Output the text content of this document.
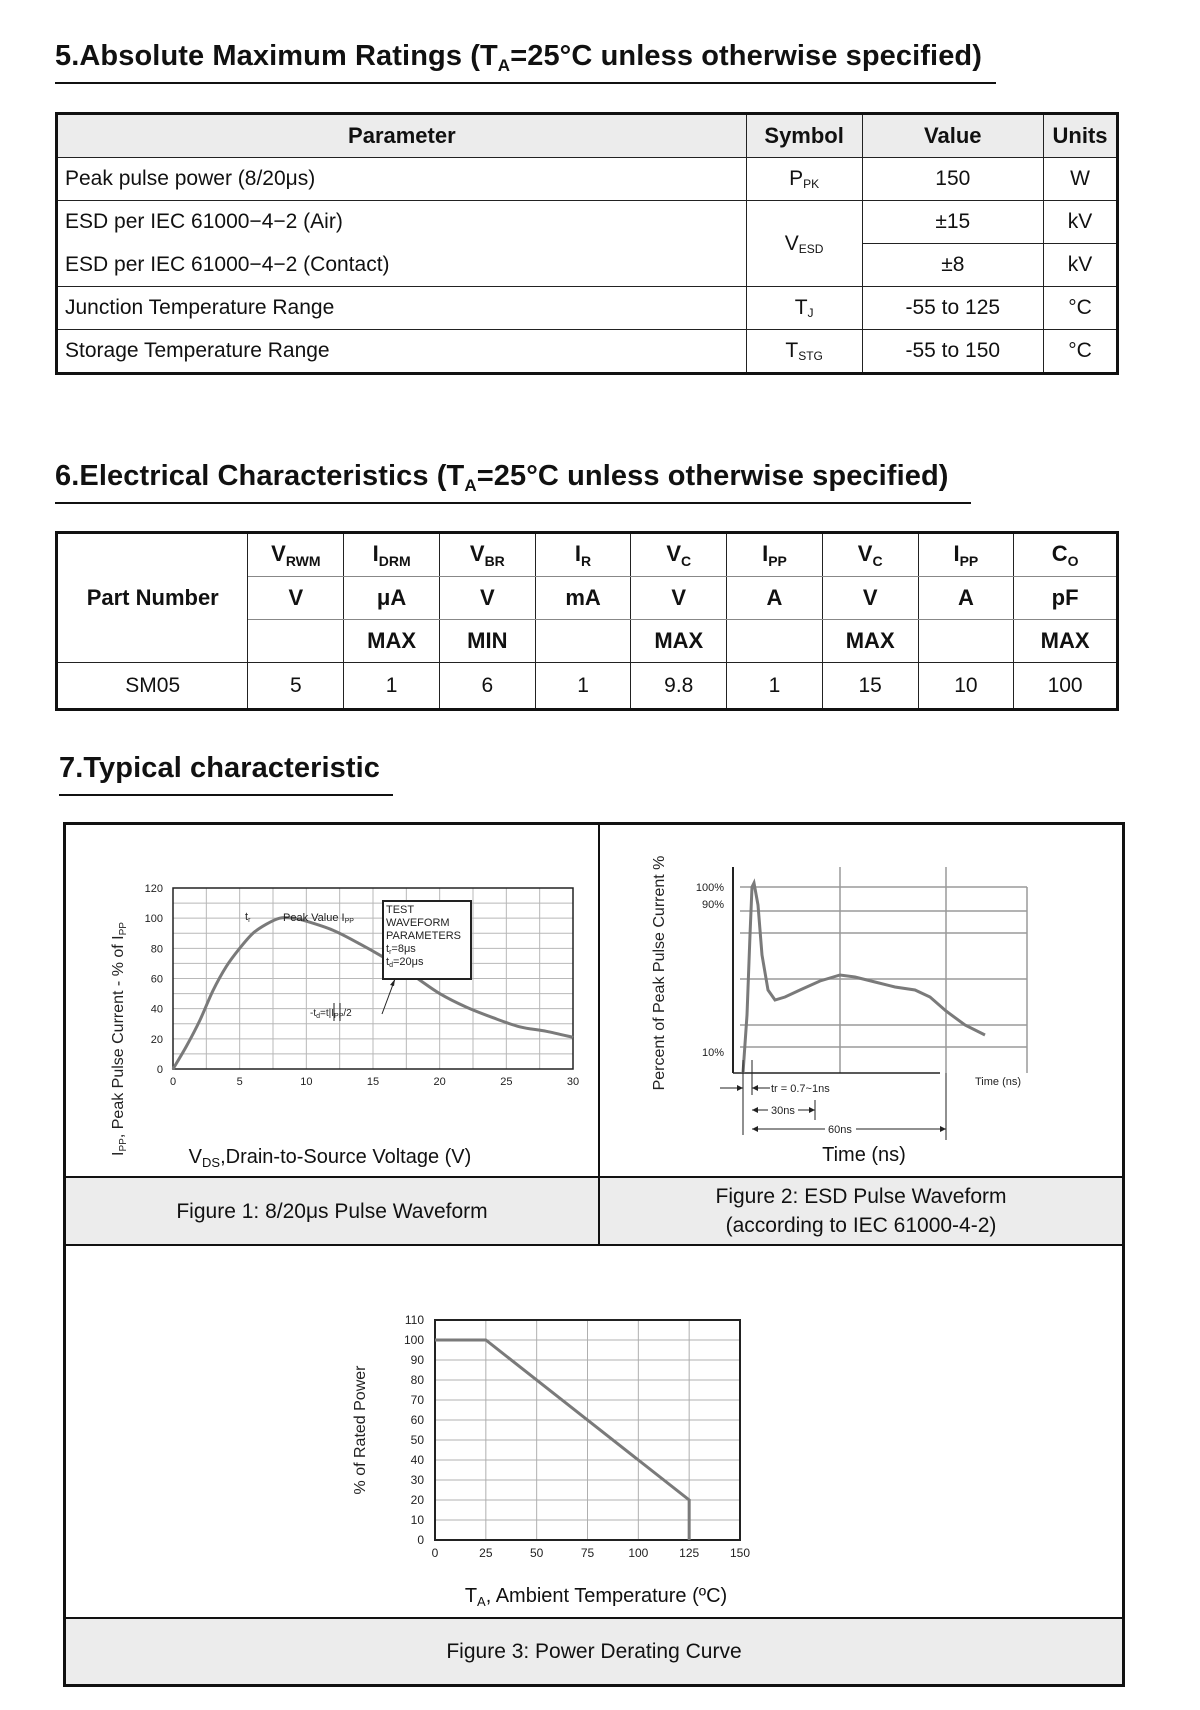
5.Absolute Maximum Ratings ($T_A=25^\circ C$ unless otherwise specified)
Parameter	Symbol	Value	Units
Peak pulse power (8/20μs)	$P_{PK}$	150	W
ESD per IEC 61000−4−2 (Air)	$V_{ESD}$	±15	kV
ESD per IEC 61000−4−2 (Contact)		±8	kV
Junction Temperature Range	$T_J$	-55 to 125	°C
Storage Temperature Range	$T_{STG}$	-55 to 150	°C
6.Electrical Characteristics ($T_A=25^\circ C$ unless otherwise specified)
Part Number	$V_{RWM}$	$I_{DRM}$	$V_{BR}$	$I_R$	$V_C$	$I_{PP}$	$V_C$	$I_{PP}$	$C_O$
	V	μA	V	mA	V	A	V	A	pF
		MAX	MIN		MAX		MAX		MAX
SM05	5	1	6	1	9.8	1	15	10	100
7.Typical characteristic
Figure 1: 8/20μs Pulse Waveform
Figure 2: ESD Pulse Waveform
(according to IEC 61000-4-2)
Figure 3: Power Derating Curve
0	5	10	15	20	25	30
0
20
40
60
80
100
120
IPP, Peak Pulse Current - % of IPP
$V_{DS},Drain-to$-Source Voltage (V)
tr	Peak Value IPP
TEST
WAVEFORM
PARAMETERS
tr=8μs
td=20μs
$-t_d=t|I_{PP}/2$	Percent of Peak Pulse Current %	100%
90%
10%
Time (ns)
tr = 0.7~1ns
30ns
60ns
Time (ns)
0	25	50	75	100	125	150
0
10
20
30
40
50
60
70
80
90
100
110
% of Rated Power
$T_A$, Ambient Temperature (ºC)
